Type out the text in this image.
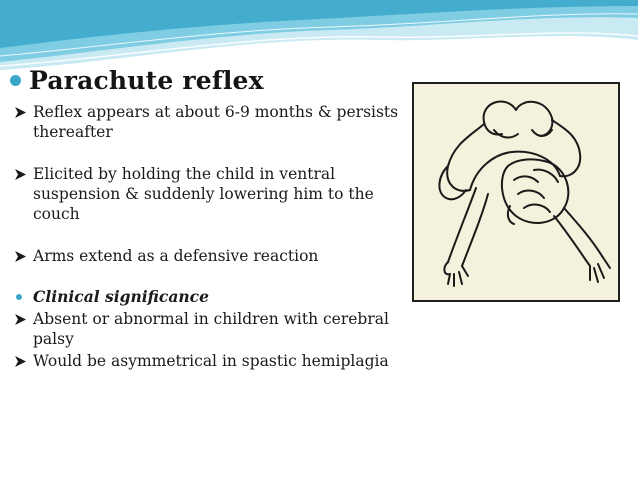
Parachute reflex
Reflex appears at about 6-9 months & persists thereafter
Elicited by holding the child in ventral suspension & suddenly lowering him to the couch
Arms extend as a defensive reaction
Clinical significance
Absent or abnormal in children with cerebral palsy
Would be asymmetrical in spastic hemiplagia
